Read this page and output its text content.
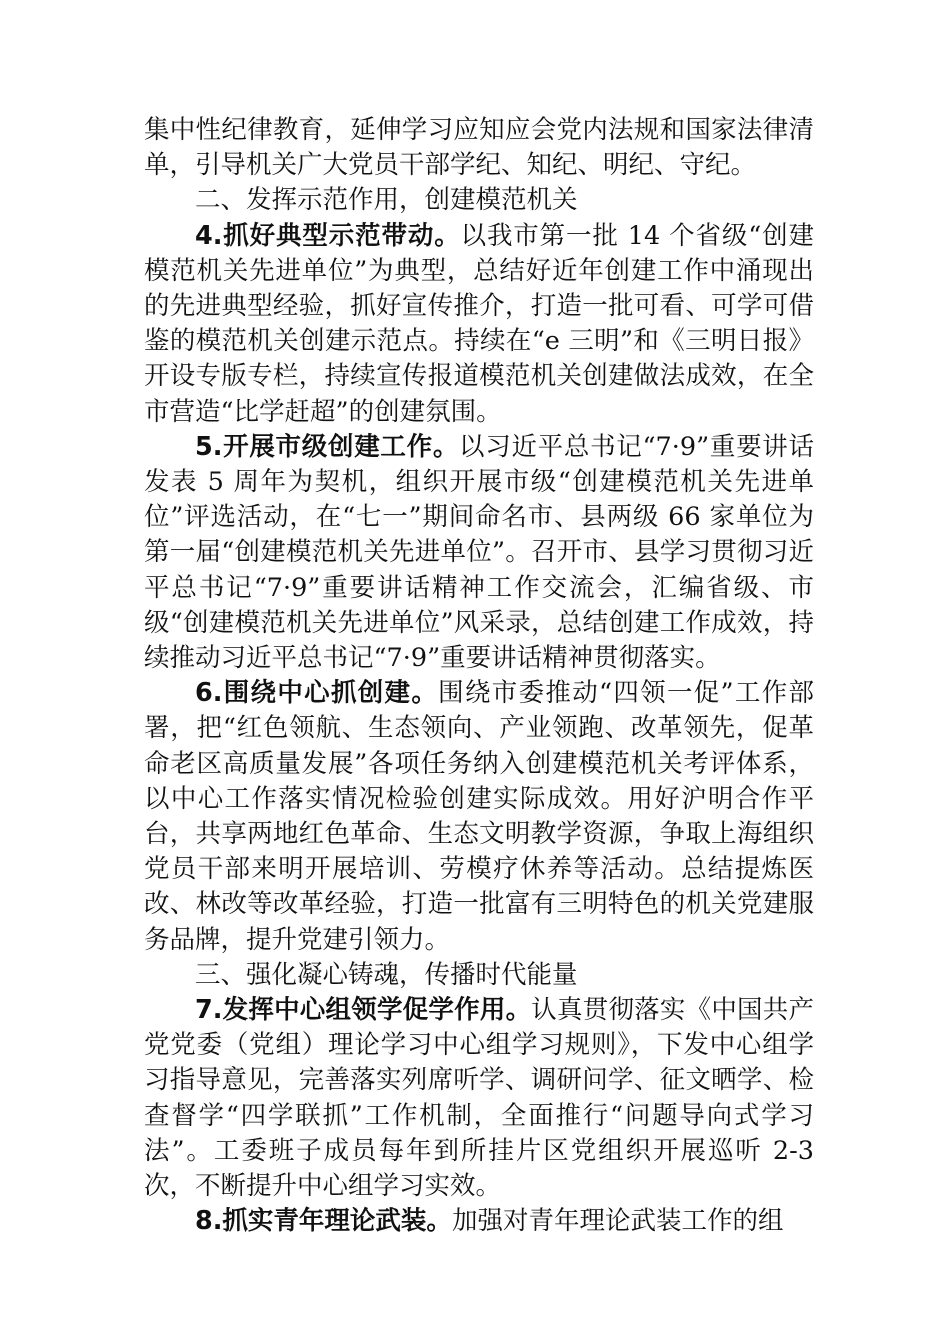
集中性纪律教育，延伸学习应知应会党内法规和国家法律清单，引导机关广大党员干部学纪、知纪、明纪、守纪。

二、发挥示范作用，创建模范机关

4.抓好典型示范带动。以我市第一批 14 个省级“创建模范机关先进单位”为典型，总结好近年创建工作中涌现出的先进典型经验，抓好宣传推介，打造一批可看、可学可借鉴的模范机关创建示范点。持续在“e 三明”和《三明日报》开设专版专栏，持续宣传报道模范机关创建做法成效，在全市营造“比学赶超”的创建氛围。

5.开展市级创建工作。以习近平总书记“7·9”重要讲话发表 5 周年为契机，组织开展市级“创建模范机关先进单位”评选活动，在“七一”期间命名市、县两级 66 家单位为第一届“创建模范机关先进单位”。召开市、县学习贯彻习近平总书记“7·9”重要讲话精神工作交流会，汇编省级、市级“创建模范机关先进单位”风采录，总结创建工作成效，持续推动习近平总书记“7·9”重要讲话精神贯彻落实。

6.围绕中心抓创建。围绕市委推动“四领一促”工作部署，把“红色领航、生态领向、产业领跑、改革领先，促革命老区高质量发展”各项任务纳入创建模范机关考评体系，以中心工作落实情况检验创建实际成效。用好沪明合作平台，共享两地红色革命、生态文明教学资源，争取上海组织党员干部来明开展培训、劳模疗休养等活动。总结提炼医改、林改等改革经验，打造一批富有三明特色的机关党建服务品牌，提升党建引领力。

三、强化凝心铸魂，传播时代能量

7.发挥中心组领学促学作用。认真贯彻落实《中国共产党党委（党组）理论学习中心组学习规则》，下发中心组学习指导意见，完善落实列席听学、调研问学、征文晒学、检查督学“四学联抓”工作机制，全面推行“问题导向式学习法”。工委班子成员每年到所挂片区党组织开展巡听 2-3 次，不断提升中心组学习实效。

8.抓实青年理论武装。加强对青年理论武装工作的组
